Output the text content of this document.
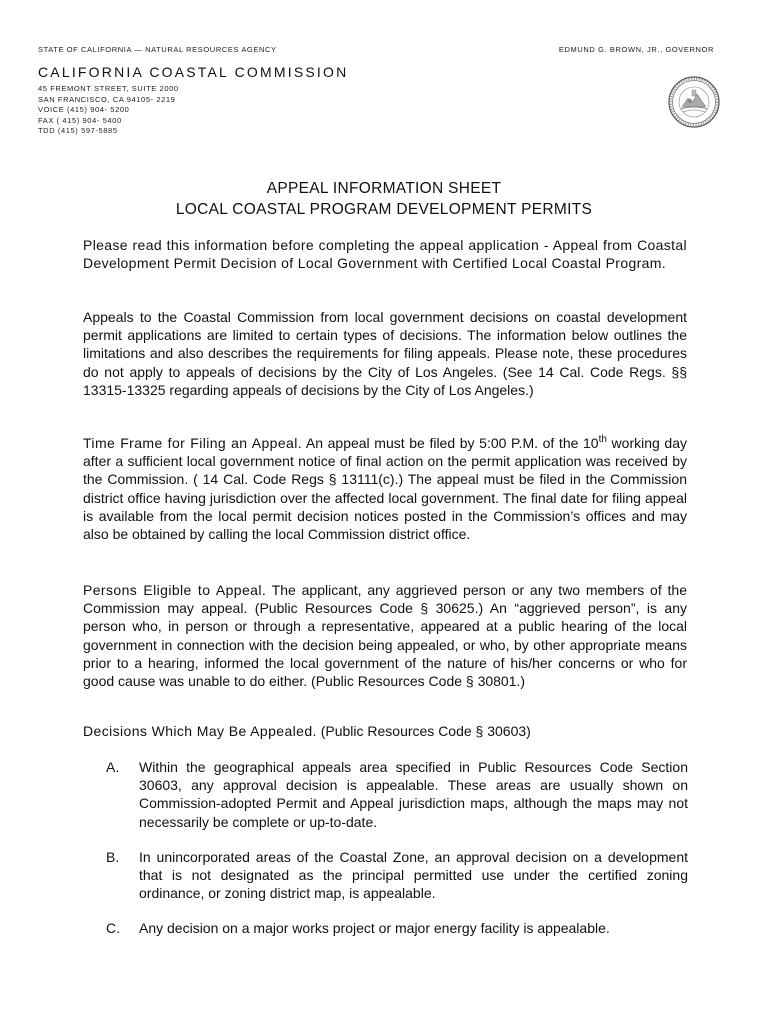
STATE OF CALIFORNIA — NATURAL RESOURCES AGENCY	EDMUND G. BROWN, JR., GOVERNOR
CALIFORNIA COASTAL COMMISSION
45 FREMONT STREET, SUITE 2000
SAN FRANCISCO, CA 94105- 2219
VOICE (415) 904- 5200
FAX ( 415) 904- 5400
TDD (415) 597-5885
APPEAL INFORMATION SHEET
LOCAL COASTAL PROGRAM DEVELOPMENT PERMITS

Please read this information before completing the appeal application - Appeal from Coastal Development Permit Decision of Local Government with Certified Local Coastal Program.

Appeals to the Coastal Commission from local government decisions on coastal development permit applications are limited to certain types of decisions. The information below outlines the limitations and also describes the requirements for filing appeals. Please note, these procedures do not apply to appeals of decisions by the City of Los Angeles. (See 14 Cal. Code Regs. §§ 13315-13325 regarding appeals of decisions by the City of Los Angeles.)

Time Frame for Filing an Appeal. An appeal must be filed by 5:00 P.M. of the 10th working day after a sufficient local government notice of final action on the permit application was received by the Commission. ( 14 Cal. Code Regs § 13111(c).) The appeal must be filed in the Commission district office having jurisdiction over the affected local government. The final date for filing appeal is available from the local permit decision notices posted in the Commission’s offices and may also be obtained by calling the local Commission district office.

Persons Eligible to Appeal. The applicant, any aggrieved person or any two members of the Commission may appeal. (Public Resources Code § 30625.) An “aggrieved person”, is any person who, in person or through a representative, appeared at a public hearing of the local government in connection with the decision being appealed, or who, by other appropriate means prior to a hearing, informed the local government of the nature of his/her concerns or who for good cause was unable to do either. (Public Resources Code § 30801.)

Decisions Which May Be Appealed. (Public Resources Code § 30603)

A.	Within the geographical appeals area specified in Public Resources Code Section 30603, any approval decision is appealable. These areas are usually shown on Commission-adopted Permit and Appeal jurisdiction maps, although the maps may not necessarily be complete or up-to-date.
B.	In unincorporated areas of the Coastal Zone, an approval decision on a development that is not designated as the principal permitted use under the certified zoning ordinance, or zoning district map, is appealable.
C.	Any decision on a major works project or major energy facility is appealable.
